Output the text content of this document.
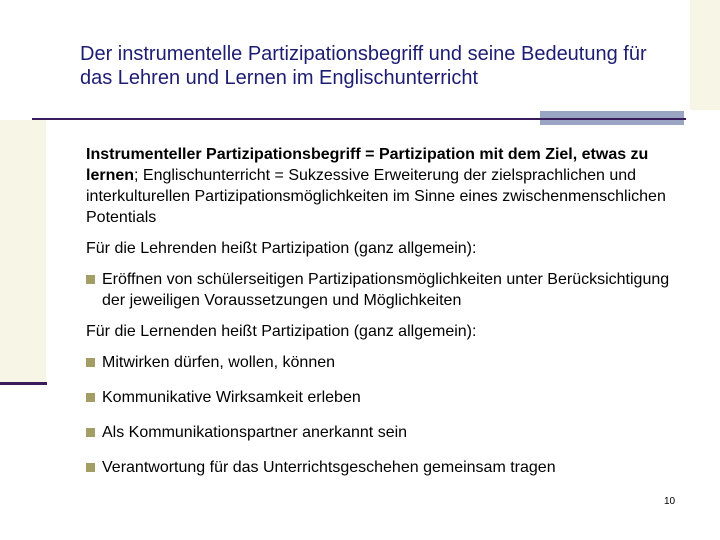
Der instrumentelle Partizipationsbegriff und seine Bedeutung für das Lehren und Lernen im Englischunterricht

Instrumenteller Partizipationsbegriff = Partizipation mit dem Ziel, etwas zu lernen; Englischunterricht = Sukzessive Erweiterung der zielsprachlichen und interkulturellen Partizipationsmöglichkeiten im Sinne eines zwischenmenschlichen Potentials

Für die Lehrenden heißt Partizipation (ganz allgemein):

Eröffnen von schülerseitigen Partizipationsmöglichkeiten unter Berücksichtigung der jeweiligen Voraussetzungen und Möglichkeiten

Für die Lernenden heißt Partizipation (ganz allgemein):

Mitwirken dürfen, wollen, können
Kommunikative Wirksamkeit erleben
Als Kommunikationspartner anerkannt sein
Verantwortung für das Unterrichtsgeschehen gemeinsam tragen
10
